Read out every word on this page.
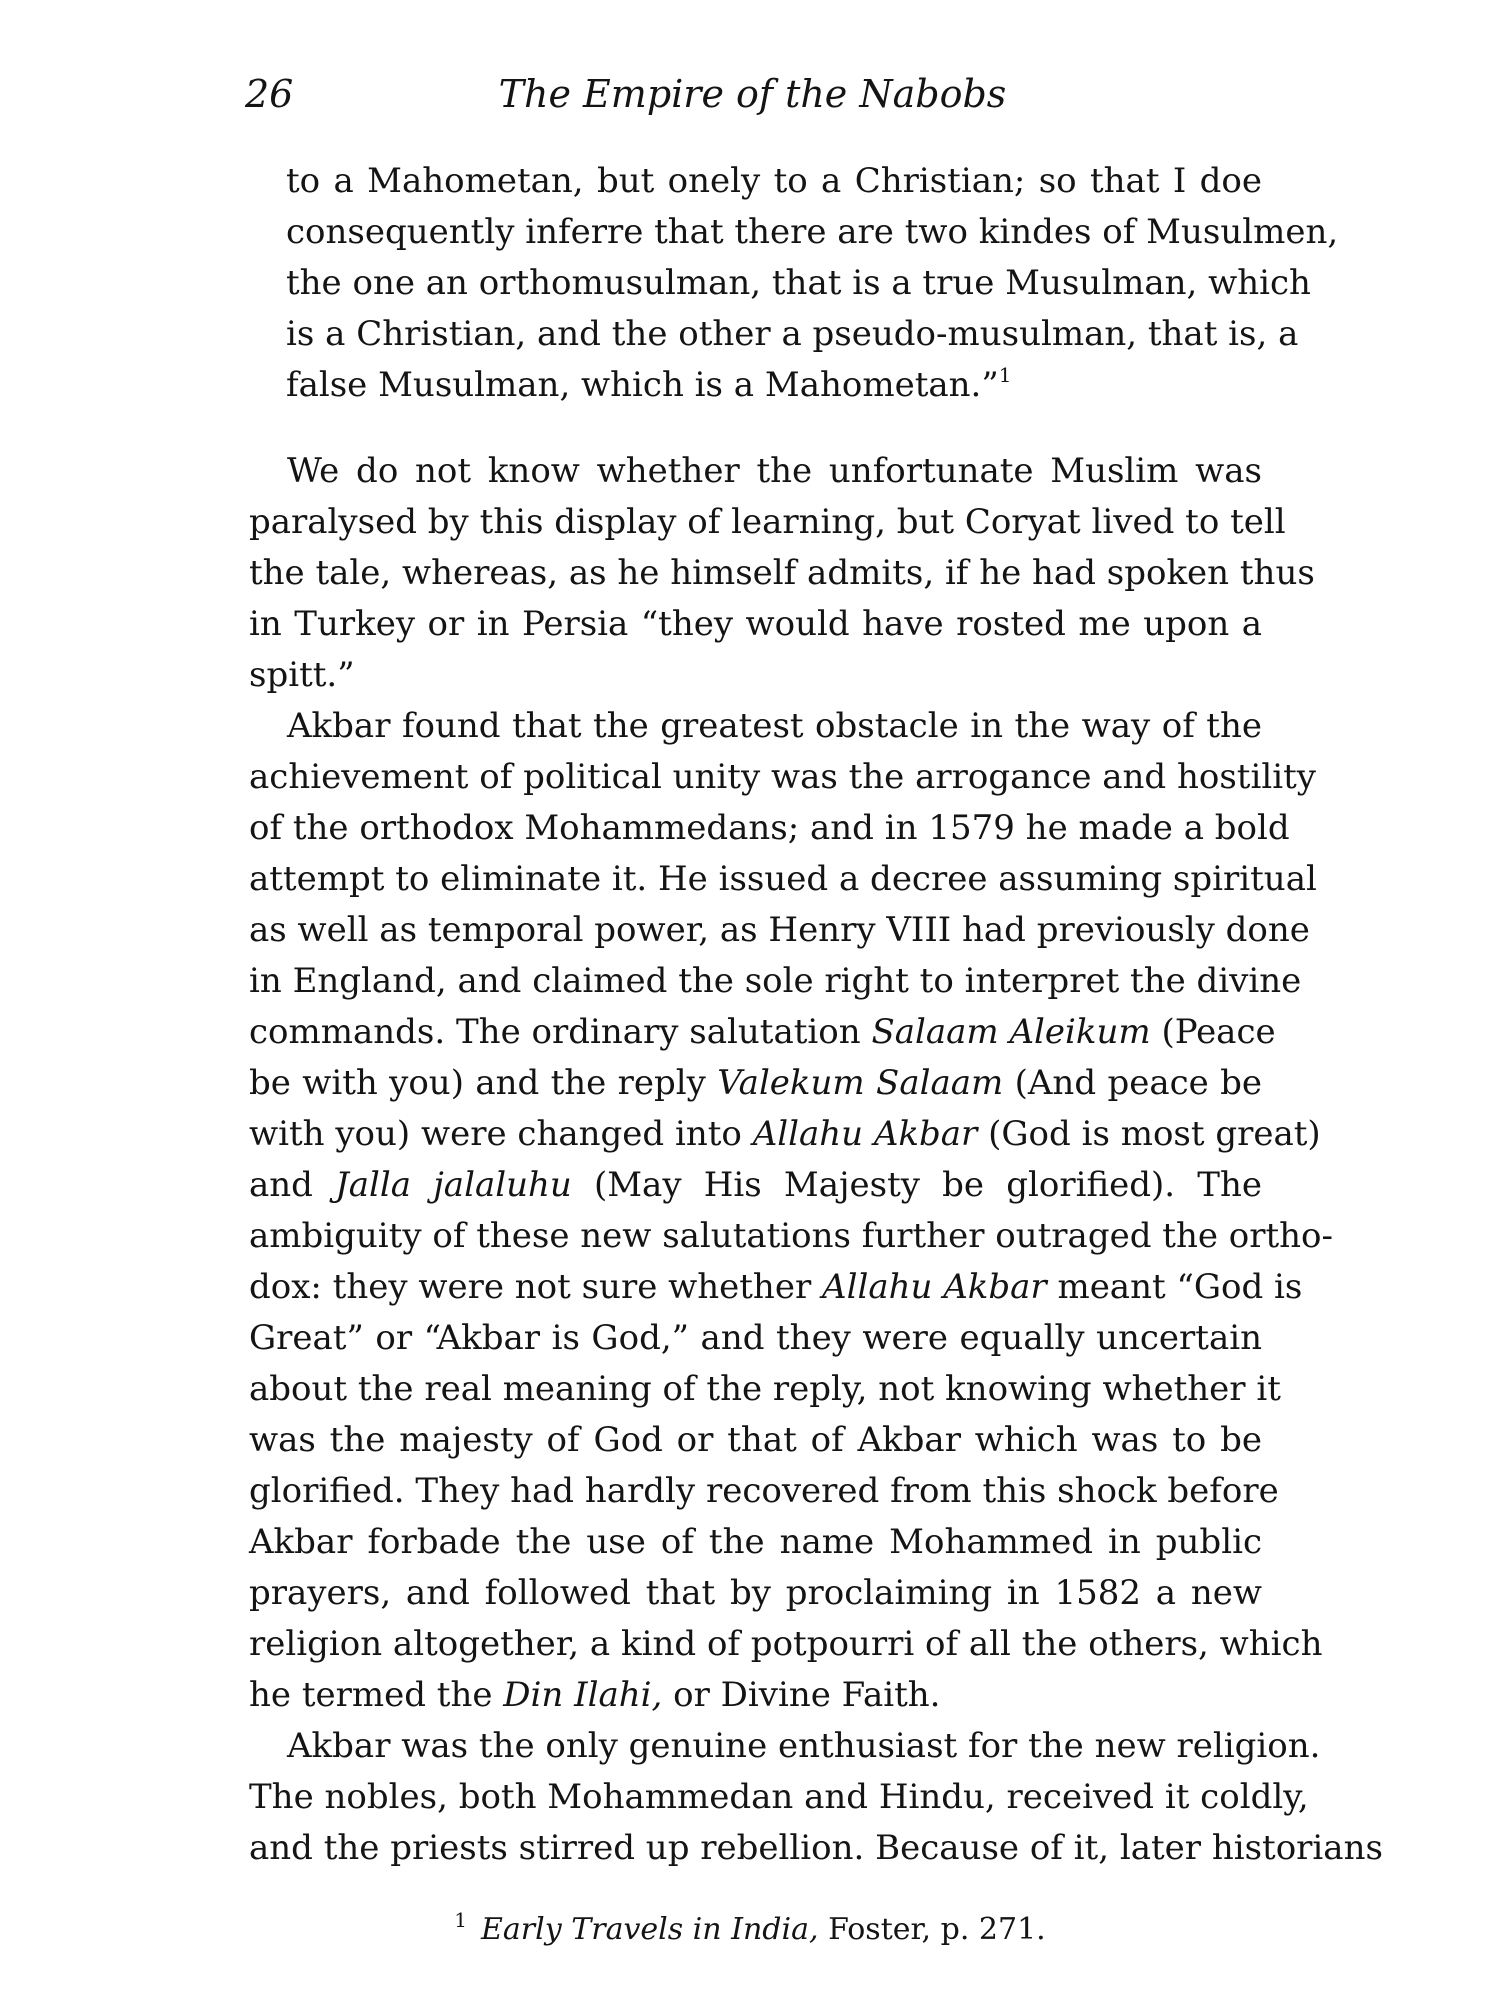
26	The Empire of the Nabobs
to a Mahometan, but onely to a Christian; so that I doe
consequently inferre that there are two kindes of Musulmen,
the one an orthomusulman, that is a true Musulman, which
is a Christian, and the other a pseudo-musulman, that is, a
false Musulman, which is a Mahometan.”$^1$
We do not know whether the unfortunate Muslim was
paralysed by this display of learning, but Coryat lived to tell
the tale, whereas, as he himself admits, if he had spoken thus
in Turkey or in Persia “they would have rosted me upon a
spitt.”
Akbar found that the greatest obstacle in the way of the
achievement of political unity was the arrogance and hostility
of the orthodox Mohammedans; and in 1579 he made a bold
attempt to eliminate it. He issued a decree assuming spiritual
as well as temporal power, as Henry VIII had previously done
in England, and claimed the sole right to interpret the divine
commands. The ordinary salutation Salaam Aleikum (Peace
be with you) and the reply Valekum Salaam (And peace be
with you) were changed into Allahu Akbar (God is most great)
and Jalla jalaluhu (May His Majesty be glorified). The
ambiguity of these new salutations further outraged the ortho-
dox: they were not sure whether Allahu Akbar meant “God is
Great” or “Akbar is God,” and they were equally uncertain
about the real meaning of the reply, not knowing whether it
was the majesty of God or that of Akbar which was to be
glorified. They had hardly recovered from this shock before
Akbar forbade the use of the name Mohammed in public
prayers, and followed that by proclaiming in 1582 a new
religion altogether, a kind of potpourri of all the others, which
he termed the Din Ilahi, or Divine Faith.
Akbar was the only genuine enthusiast for the new religion.
The nobles, both Mohammedan and Hindu, received it coldly,
and the priests stirred up rebellion. Because of it, later historians
$^1$ Early Travels in India, Foster, p. 271.
